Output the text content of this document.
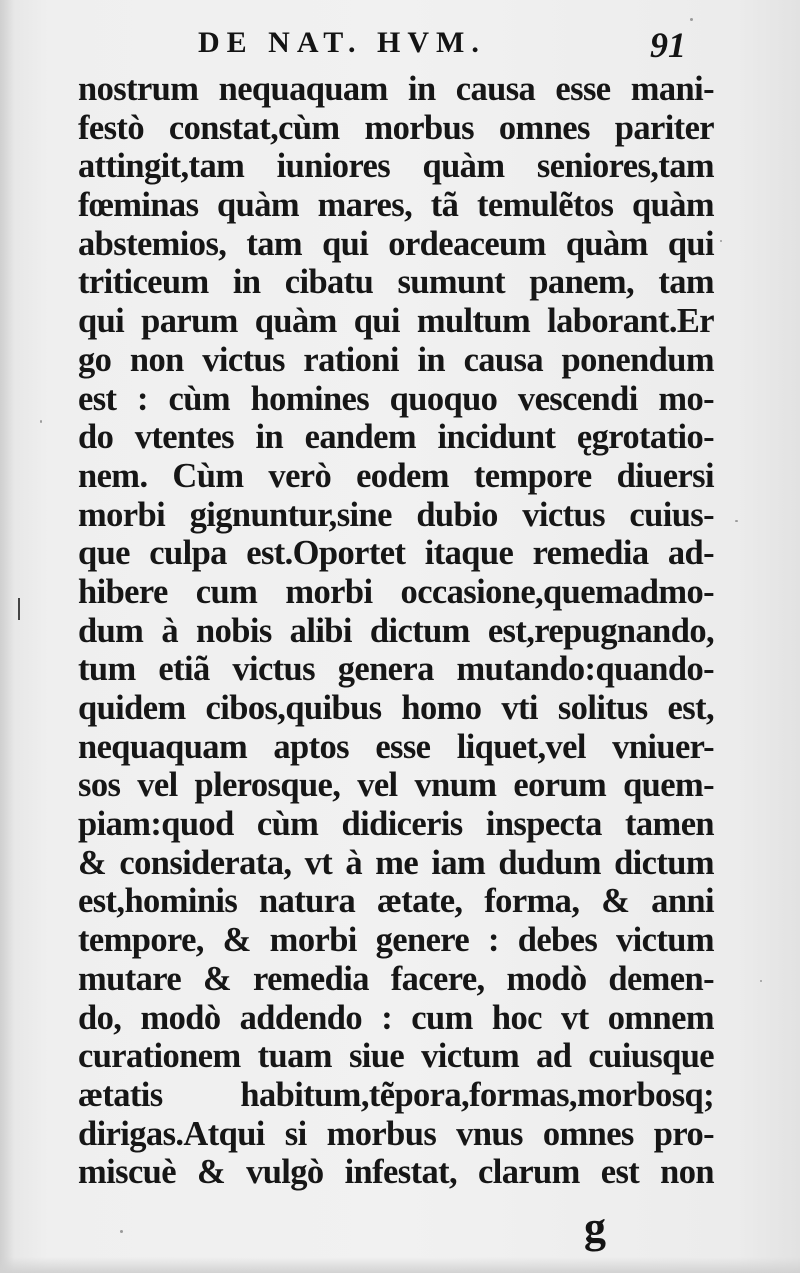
DE NAT. HVM.	91
nostrum nequaquam in causa esse mani-
festò constat,cùm morbus omnes pariter
attingit,tam iuniores quàm seniores,tam
fœminas quàm mares, tã temulẽtos quàm
abstemios, tam qui ordeaceum quàm qui
triticeum in cibatu sumunt panem, tam
qui parum quàm qui multum laborant.Er
go non victus rationi in causa ponendum
est : cùm homines quoquo vescendi mo-
do vtentes in eandem incidunt ęgrotatio-
nem. Cùm verò eodem tempore diuersi
morbi gignuntur,sine dubio victus cuius-
que culpa est.Oportet itaque remedia ad-
hibere cum morbi occasione,quemadmo-
dum à nobis alibi dictum est,repugnando,
tum etiã victus genera mutando:quando-
quidem cibos,quibus homo vti solitus est,
nequaquam aptos esse liquet,vel vniuer-
sos vel plerosque, vel vnum eorum quem-
piam:quod cùm didiceris inspecta tamen
& considerata, vt à me iam dudum dictum
est,hominis natura ætate, forma, & anni
tempore, & morbi genere : debes victum
mutare & remedia facere, modò demen-
do, modò addendo : cum hoc vt omnem
curationem tuam siue victum ad cuiusque
ætatis habitum,tẽpora,formas,morbosq;
dirigas.Atqui si morbus vnus omnes pro-
miscuè & vulgò infestat, clarum est non
g
